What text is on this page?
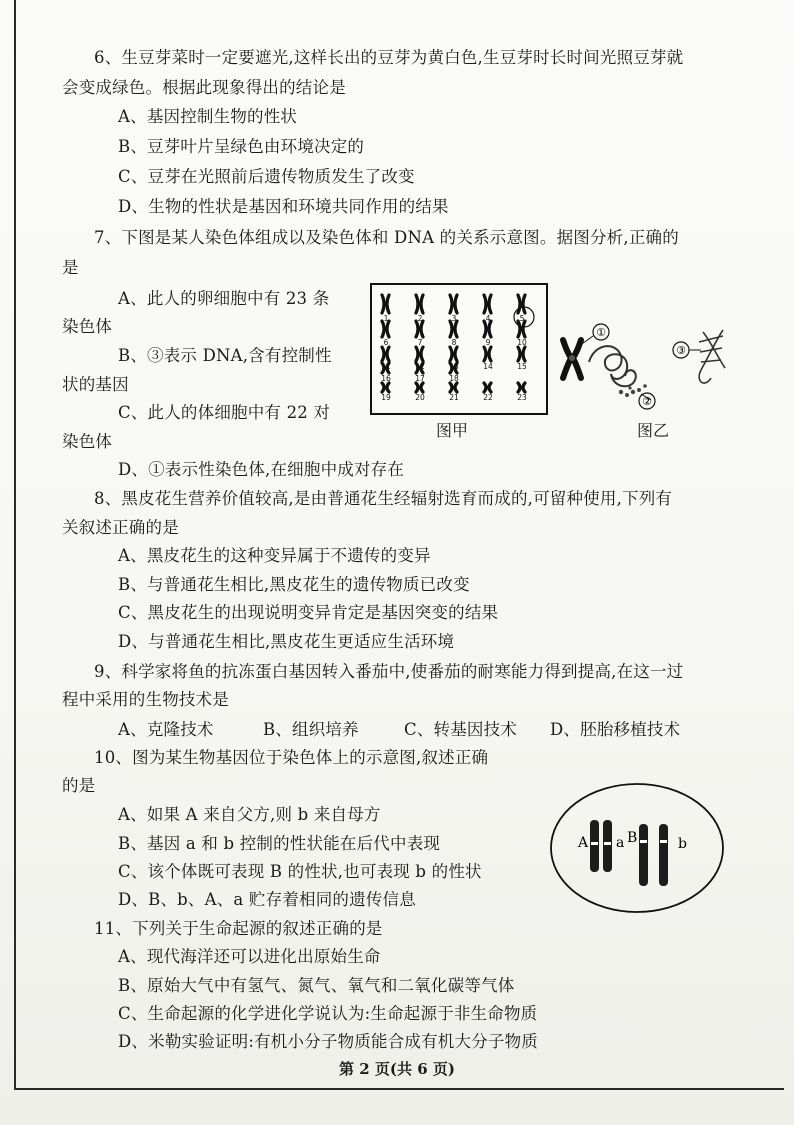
6、生豆芽菜时一定要遮光,这样长出的豆芽为黄白色,生豆芽时长时间光照豆芽就
会变成绿色。根据此现象得出的结论是
A、基因控制生物的性状
B、豆芽叶片呈绿色由环境决定的
C、豆芽在光照前后遗传物质发生了改变
D、生物的性状是基因和环境共同作用的结果
7、下图是某人染色体组成以及染色体和 DNA 的关系示意图。据图分析,正确的
是
A、此人的卵细胞中有 23 条
染色体
B、③表示 DNA,含有控制性
状的基因
C、此人的体细胞中有 22 对
染色体
D、①表示性染色体,在细胞中成对存在
1	2	3	4	5
6	7	8	9	10
11	12	13	14	15
16	17	18
19	20	21	22	23
图甲
①
②
③
图乙
8、黑皮花生营养价值较高,是由普通花生经辐射选育而成的,可留种使用,下列有
关叙述正确的是
A、黑皮花生的这种变异属于不遗传的变异
B、与普通花生相比,黑皮花生的遗传物质已改变
C、黑皮花生的出现说明变异肯定是基因突变的结果
D、与普通花生相比,黑皮花生更适应生活环境
9、科学家将鱼的抗冻蛋白基因转入番茄中,使番茄的耐寒能力得到提高,在这一过
程中采用的生物技术是
A、克隆技术	B、组织培养	C、转基因技术 D、胚胎移植技术
10、图为某生物基因位于染色体上的示意图,叙述正确
的是
A、如果 A 来自父方,则 b 来自母方
B、基因 a 和 b 控制的性状能在后代中表现
C、该个体既可表现 B 的性状,也可表现 b 的性状
D、B、b、A、a 贮存着相同的遗传信息
A a B	b
11、下列关于生命起源的叙述正确的是
A、现代海洋还可以进化出原始生命
B、原始大气中有氢气、氮气、氧气和二氧化碳等气体
C、生命起源的化学进化学说认为:生命起源于非生命物质
D、米勒实验证明:有机小分子物质能合成有机大分子物质
第 2 页(共 6 页)
